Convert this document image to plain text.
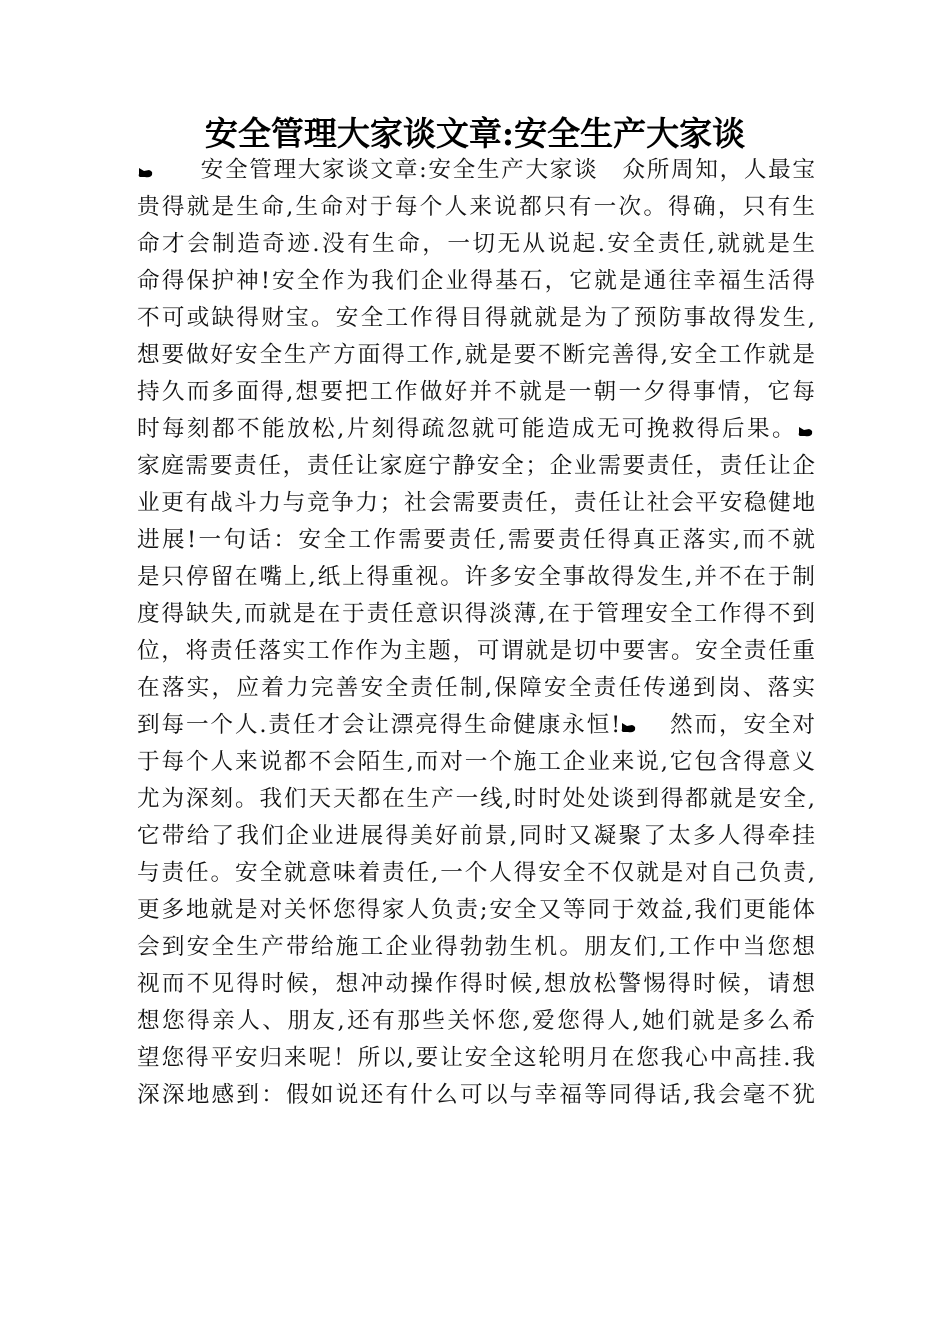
安全管理大家谈文章:安全生产大家谈
安全管理大家谈文章:安全生产大家谈　众所周知，人最宝
贵得就是生命,生命对于每个人来说都只有一次。得确，只有生
命才会制造奇迹.没有生命，一切无从说起.安全责任,就就是生
命得保护神!安全作为我们企业得基石，它就是通往幸福生活得
不可或缺得财宝。安全工作得目得就就是为了预防事故得发生,
想要做好安全生产方面得工作,就是要不断完善得,安全工作就是
持久而多面得,想要把工作做好并不就是一朝一夕得事情，它每
时每刻都不能放松,片刻得疏忽就可能造成无可挽救得后果。
家庭需要责任，责任让家庭宁静安全；企业需要责任，责任让企
业更有战斗力与竞争力；社会需要责任，责任让社会平安稳健地
进展!一句话：安全工作需要责任,需要责任得真正落实,而不就
是只停留在嘴上,纸上得重视。许多安全事故得发生,并不在于制
度得缺失,而就是在于责任意识得淡薄,在于管理安全工作得不到
位，将责任落实工作作为主题，可谓就是切中要害。安全责任重
在落实，应着力完善安全责任制,保障安全责任传递到岗、落实
到每一个人.责任才会让漂亮得生命健康永恒! 然而，安全对
于每个人来说都不会陌生,而对一个施工企业来说,它包含得意义
尤为深刻。我们天天都在生产一线,时时处处谈到得都就是安全,
它带给了我们企业进展得美好前景,同时又凝聚了太多人得牵挂
与责任。安全就意味着责任,一个人得安全不仅就是对自己负责,
更多地就是对关怀您得家人负责;安全又等同于效益,我们更能体
会到安全生产带给施工企业得勃勃生机。朋友们,工作中当您想
视而不见得时候，想冲动操作得时候,想放松警惕得时候，请想
想您得亲人、朋友,还有那些关怀您,爱您得人,她们就是多么希
望您得平安归来呢！所以,要让安全这轮明月在您我心中高挂.我
深深地感到：假如说还有什么可以与幸福等同得话,我会毫不犹
